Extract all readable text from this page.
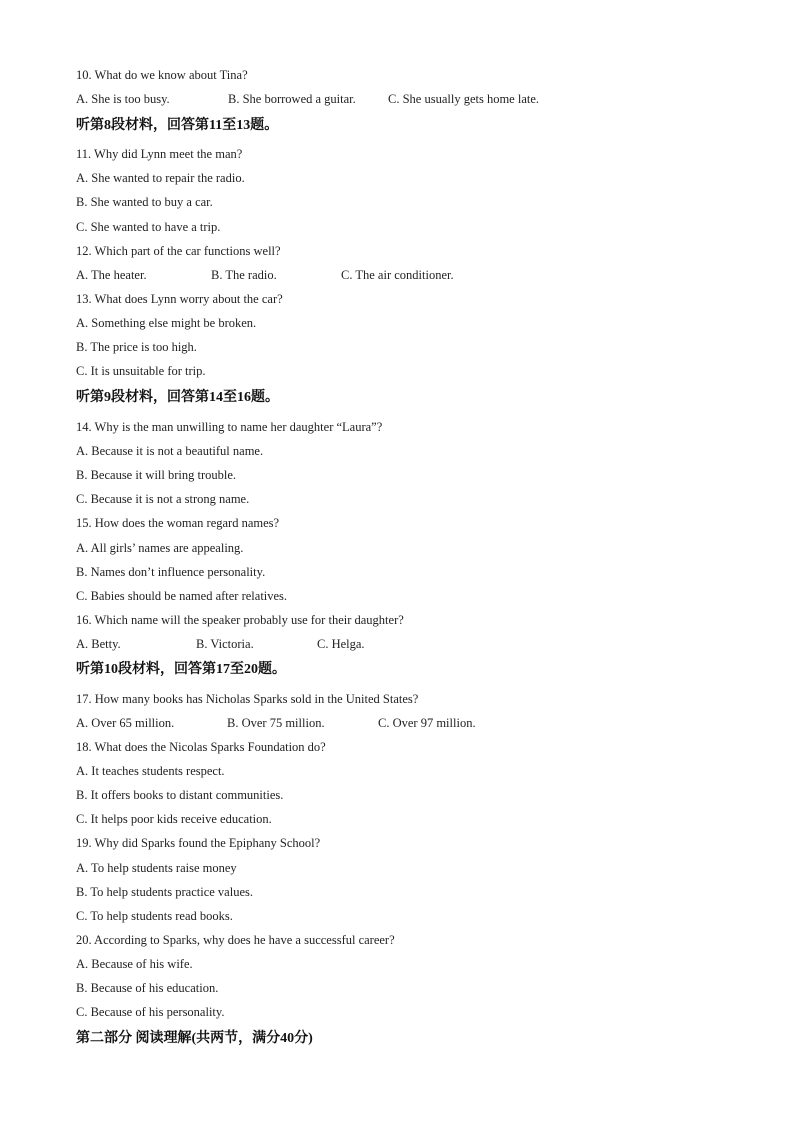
10. What do we know about Tina?
A. She is too busy.	B. She borrowed a guitar.	C. She usually gets home late.
听第8段材料，回答第11至13题。
11. Why did Lynn meet the man?
A. She wanted to repair the radio.
B. She wanted to buy a car.
C. She wanted to have a trip.
12. Which part of the car functions well?
A. The heater.	B. The radio.	C. The air conditioner.
13. What does Lynn worry about the car?
A. Something else might be broken.
B. The price is too high.
C. It is unsuitable for trip.
听第9段材料，回答第14至16题。
14. Why is the man unwilling to name her daughter “Laura”?
A. Because it is not a beautiful name.
B. Because it will bring trouble.
C. Because it is not a strong name.
15. How does the woman regard names?
A. All girls’ names are appealing.
B. Names don’t influence personality.
C. Babies should be named after relatives.
16. Which name will the speaker probably use for their daughter?
A. Betty.	B. Victoria.	C. Helga.
听第10段材料，回答第17至20题。
17. How many books has Nicholas Sparks sold in the United States?
A. Over 65 million.	B. Over 75 million.	C. Over 97 million.
18. What does the Nicolas Sparks Foundation do?
A. It teaches students respect.
B. It offers books to distant communities.
C. It helps poor kids receive education.
19. Why did Sparks found the Epiphany School?
A. To help students raise money
B. To help students practice values.
C. To help students read books.
20. According to Sparks, why does he have a successful career?
A. Because of his wife.
B. Because of his education.
C. Because of his personality.
第二部分 阅读理解(共两节，满分40分)
